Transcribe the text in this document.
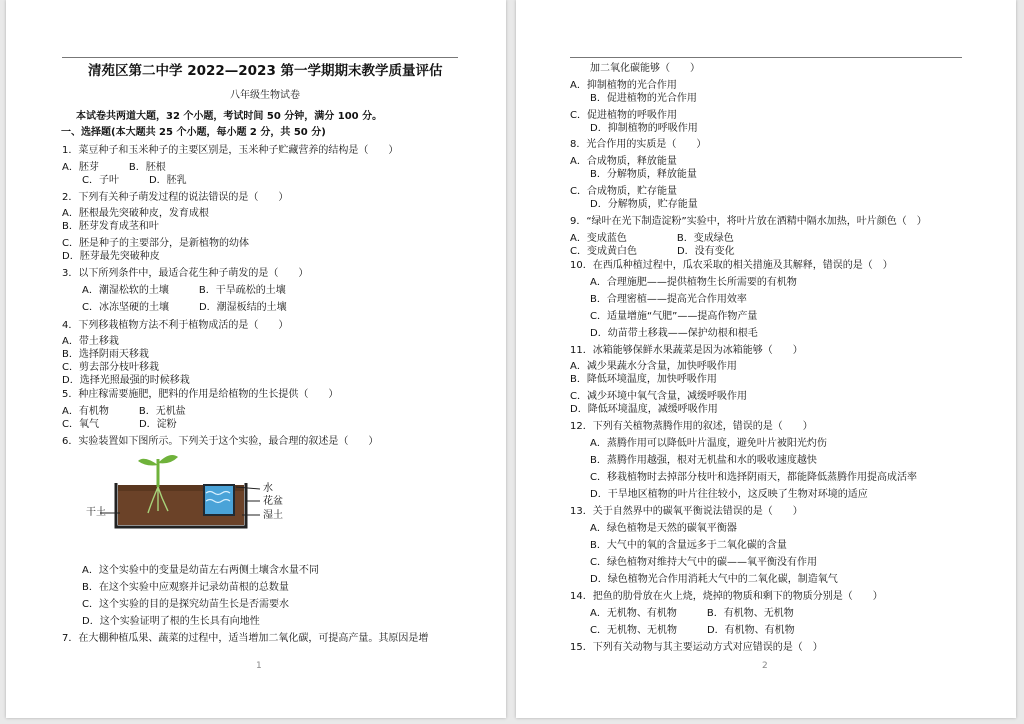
清苑区第二中学 2022—2023 第一学期期末教学质量评估
八年级生物试卷
本试卷共两道大题，32 个小题，考试时间 50 分钟，满分 100 分。
一、选择题(本大题共 25 个小题，每小题 2 分，共 50 分)
1．菜豆种子和玉米种子的主要区别是，玉米种子贮藏营养的结构是（　　）
A．胚芽　　　B．胚根
C．子叶　　　D．胚乳
2．下列有关种子萌发过程的说法错误的是（　　）
A．胚根最先突破种皮，发育成根
B．胚芽发育成茎和叶
C．胚是种子的主要部分，是新植物的幼体
D．胚芽最先突破种皮
3．以下所列条件中，最适合花生种子萌发的是（　　）
A．潮湿松软的土壤　　　B．干旱疏松的土壤
C．冰冻坚硬的土壤　　　D．潮湿板结的土壤
4．下列移栽植物方法不利于植物成活的是（　　）
A．带土移栽
B．选择阴雨天移栽
C．剪去部分枝叶移栽
D．选择光照最强的时候移栽
5．种庄稼需要施肥，肥料的作用是给植物的生长提供（　　）
A．有机物　　　B．无机盐
C．氧气　　　　D．淀粉
6．实验装置如下图所示。下列关于这个实验，最合理的叙述是（　　）
干土
水
花盆
湿土
A．这个实验中的变量是幼苗左右两侧土壤含水量不同
B．在这个实验中应观察并记录幼苗根的总数量
C．这个实验的目的是探究幼苗生长是否需要水
D．这个实验证明了根的生长具有向地性
7．在大棚种植瓜果、蔬菜的过程中，适当增加二氧化碳，可提高产量。其原因是增
1
加二氧化碳能够（　　）
A．抑制植物的光合作用
B．促进植物的光合作用
C．促进植物的呼吸作用
D．抑制植物的呼吸作用
8．光合作用的实质是（　　）
A．合成物质，释放能量
B．分解物质，释放能量
C．合成物质，贮存能量
D．分解物质，贮存能量
9．“绿叶在光下制造淀粉”实验中，将叶片放在酒精中隔水加热，叶片颜色（　）
A．变成蓝色　　　　　B．变成绿色
C．变成黄白色　　　　D．没有变化
10．在西瓜种植过程中，瓜农采取的相关措施及其解释，错误的是（　）
A．合理施肥——提供植物生长所需要的有机物
B．合理密植——提高光合作用效率
C．适量增施“气肥”——提高作物产量
D．幼苗带土移栽——保护幼根和根毛
11．冰箱能够保鲜水果蔬菜是因为冰箱能够（　　）
A．减少果蔬水分含量，加快呼吸作用
B．降低环境温度，加快呼吸作用
C．减少环境中氧气含量，减缓呼吸作用
D．降低环境温度，减缓呼吸作用
12．下列有关植物蒸腾作用的叙述，错误的是（　　）
A．蒸腾作用可以降低叶片温度，避免叶片被阳光灼伤
B．蒸腾作用越强，根对无机盐和水的吸收速度越快
C．移栽植物时去掉部分枝叶和选择阴雨天，都能降低蒸腾作用提高成活率
D．干旱地区植物的叶片往往较小，这反映了生物对环境的适应
13．关于自然界中的碳氧平衡说法错误的是（　　）
A．绿色植物是天然的碳氧平衡器
B．大气中的氧的含量远多于二氧化碳的含量
C．绿色植物对维持大气中的碳——氧平衡没有作用
D．绿色植物光合作用消耗大气中的二氧化碳，制造氧气
14．把鱼的肋骨放在火上烧，烧掉的物质和剩下的物质分别是（　　）
A．无机物、有机物　　　B．有机物、无机物
C．无机物、无机物　　　D．有机物、有机物
15．下列有关动物与其主要运动方式对应错误的是（　）
2
